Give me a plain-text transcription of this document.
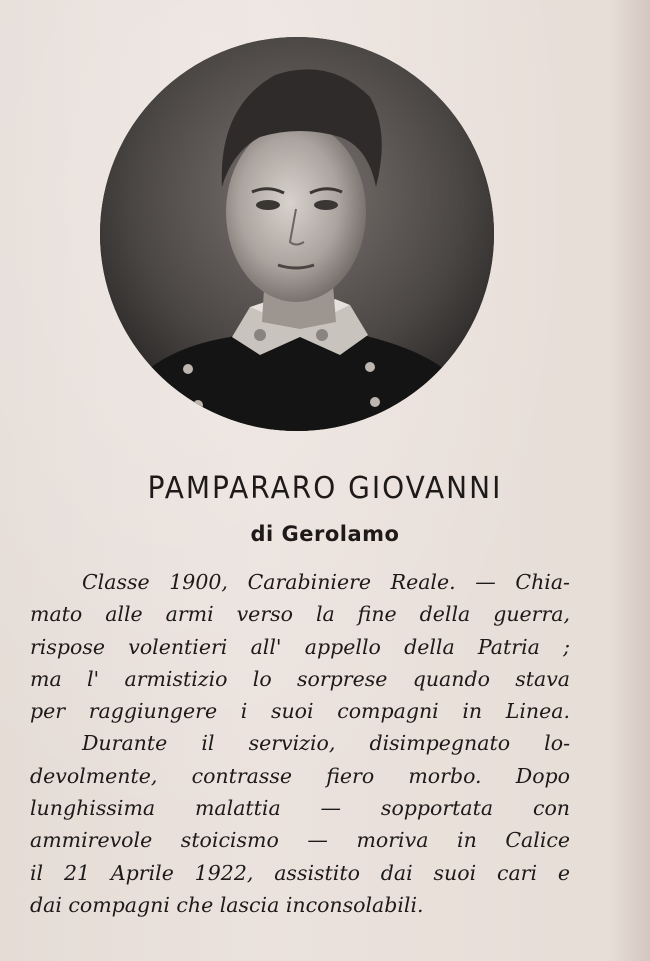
PAMPARARO GIOVANNI
di Gerolamo
Classe 1900, Carabiniere Reale. — Chia-
mato alle armi verso la fine della guerra,
rispose volentieri all' appello della Patria ;
ma l' armistizio lo sorprese quando stava
per raggiungere i suoi compagni in Linea.
Durante il servizio, disimpegnato lo-
devolmente, contrasse fiero morbo. Dopo
lunghissima malattia — sopportata con
ammirevole stoicismo — moriva in Calice
il 21 Aprile 1922, assistito dai suoi cari e
dai compagni che lascia inconsolabili.
